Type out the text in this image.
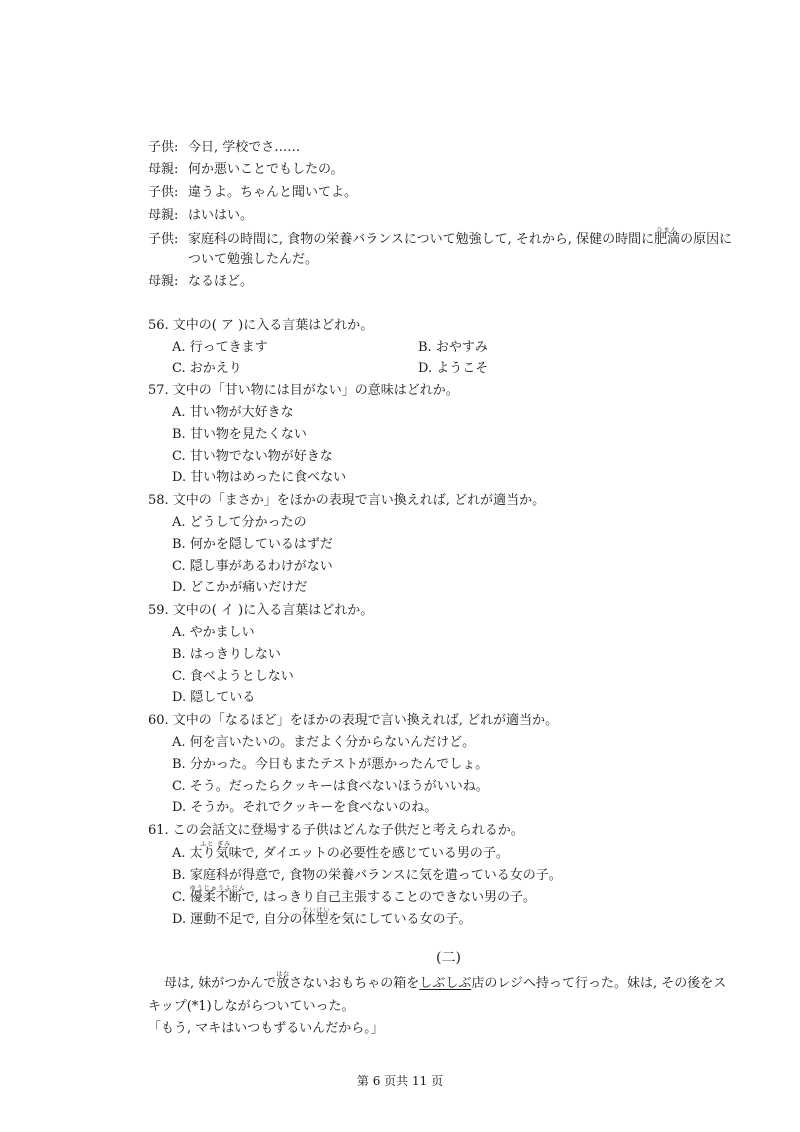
子供: 今日, 学校でさ……
母親: 何か悪いことでもしたの。
子供: 違うよ。ちゃんと聞いてよ。
母親: はいはい。
子供: 家庭科の時間に, 食物の栄養バランスについて勉強して, それから, 保健の時間に
ひまん
肥満の原因に
ついて勉強したんだ。
母親: なるほど。
56. 文中の( ア )に入る言葉はどれか。
A. 行ってきます	B. おやすみ
C. おかえり	D. ようこそ
57. 文中の「甘い物には目がない」の意味はどれか。
A. 甘い物が大好きな
B. 甘い物を見たくない
C. 甘い物でない物が好きな
D. 甘い物はめったに食べない
58. 文中の「まさか」をほかの表現で言い換えれば, どれが適当か。
A. どうして分かったの
B. 何かを隠しているはずだ
C. 隠し事があるわけがない
D. どこかが痛いだけだ
59. 文中の( イ )に入る言葉はどれか。
A. やかましい
B. はっきりしない
C. 食べようとしない
D. 隠している
60. 文中の「なるほど」をほかの表現で言い換えれば, どれが適当か。
A. 何を言いたいの。まだよく分からないんだけど。
B. 分かった。今日もまたテストが悪かったんでしょ。
C. そう。だったらクッキーは食べないほうがいいね。
D. そうか。それでクッキーを食べないのね。
61. この会話文に登場する子供はどんな子供だと考えられるか。
A.
ふと ぎみ
太り気味で, ダイエットの必要性を感じている男の子。
B. 家庭科が得意で, 食物の栄養バランスに気を遣っている女の子。
C.
ゆうじゅうふだん
優柔不断で, はっきり自己主張することのできない男の子。
D. 運動不足で, 自分の
たいけい
体型を気にしている女の子。
(二)
母は, 妹がつかんで
はな
放さないおもちゃの箱をしぶしぶ店のレジへ持って行った。妹は, その後をス
キップ(*1)しながらついていった。
「もう, マキはいつもずるいんだから。」
第 6 页共 11 页
